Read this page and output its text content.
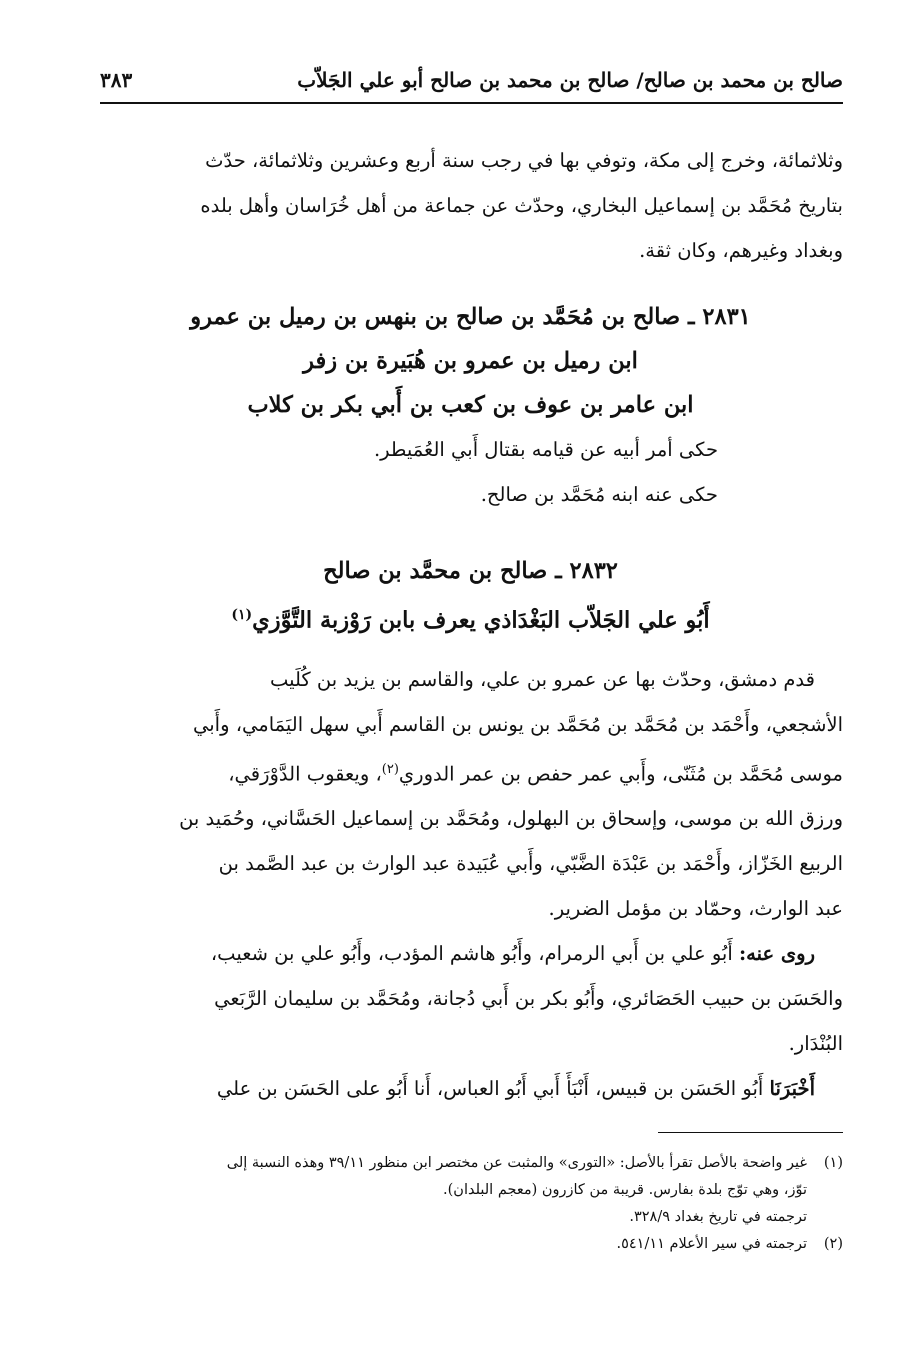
صالح بن محمد بن صالح/ صالح بن محمد بن صالح أبو علي الجَلاّب
٣٨٣

وثلاثمائة، وخرج إلى مكة، وتوفي بها في رجب سنة أربع وعشرين وثلاثمائة، حدّث

بتاريخ مُحَمَّد بن إسماعيل البخاري، وحدّث عن جماعة من أهل خُرَاسان وأهل بلده

وبغداد وغيرهم، وكان ثقة.

٢٨٣١ ـ صالح بن مُحَمَّد بن صالح بن بنهس بن رميل بن عمرو

ابن رميل بن عمرو بن هُبَيرة بن زفر

ابن عامر بن عوف بن كعب بن أَبي بكر بن كلاب

حكى أمر أبيه عن قيامه بقتال أَبي العُمَيطر.

حكى عنه ابنه مُحَمَّد بن صالح.

٢٨٣٢ ـ صالح بن محمَّد بن صالح

أَبُو علي الجَلاّب البَغْدَاذي يعرف بابن رَوْزبة التَّوَّزي$^{(١)}$

قدم دمشق، وحدّث بها عن عمرو بن علي، والقاسم بن يزيد بن كُلَيب

الأشجعي، وأَحْمَد بن مُحَمَّد بن مُحَمَّد بن يونس بن القاسم أَبي سهل اليَمَامي، وأَبي

موسى مُحَمَّد بن مُثَنّى، وأَبي عمر حفص بن عمر الدوري$^{(٢)}$، ويعقوب الدَّوْرَقي،

ورزق الله بن موسى، وإسحاق بن البهلول، ومُحَمَّد بن إسماعيل الحَسَّاني، وحُمَيد بن

الربيع الخَزّاز، وأَحْمَد بن عَبْدَة الضَّبّي، وأَبي عُبَيدة عبد الوارث بن عبد الصَّمد بن

عبد الوارث، وحمّاد بن مؤمل الضرير.

روى عنه: أَبُو علي بن أَبي الرمرام، وأَبُو هاشم المؤدب، وأَبُو علي بن شعيب،

والحَسَن بن حبيب الحَصَائري، وأَبُو بكر بن أَبي دُجانة، ومُحَمَّد بن سليمان الرَّبَعي

البُنْدَار.

أَخْبَرَنَا أَبُو الحَسَن بن قبيس، أَنْبَأَ أَبي أَبُو العباس، أَنا أَبُو على الحَسَن بن علي

(١)
غير واضحة بالأصل تقرأ بالأصل: «التورى» والمثبت عن مختصر ابن منظور ٣٩/١١ وهذه النسبة إلى
توّز، وهي توّج بلدة بفارس. قريبة من كازرون (معجم البلدان).
ترجمته في تاريخ بغداد ٣٢٨/٩.
(٢)
ترجمته في سير الأعلام ٥٤١/١١.
